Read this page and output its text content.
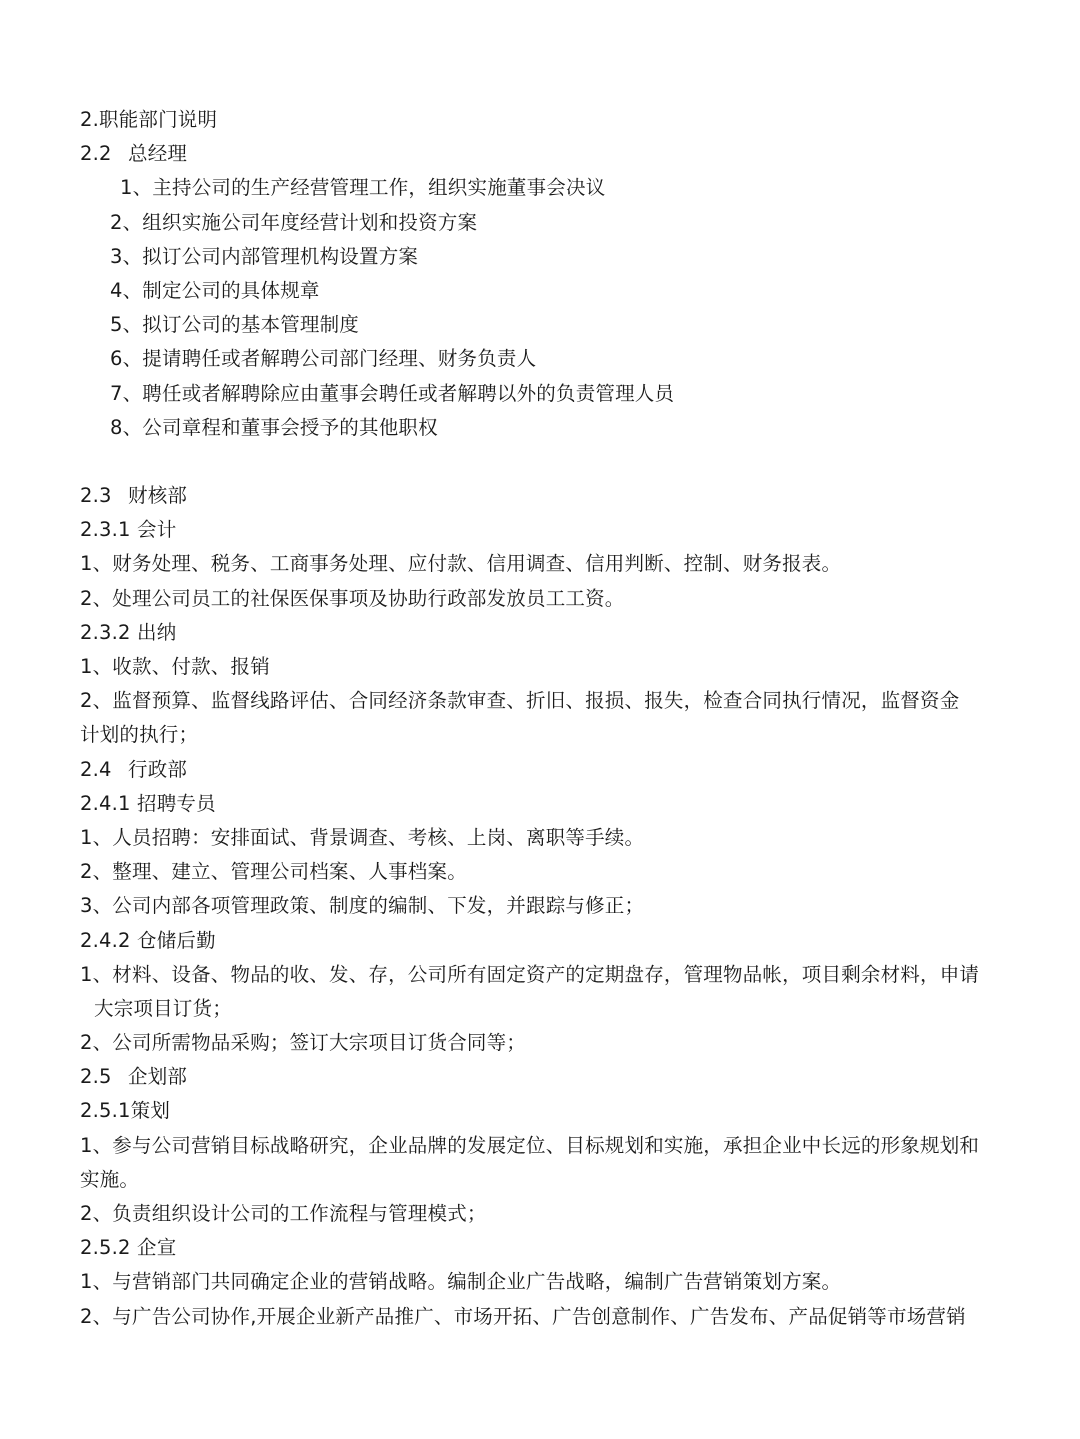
2.职能部门说明
2.2 总经理
1、主持公司的生产经营管理工作，组织实施董事会决议
2、组织实施公司年度经营计划和投资方案
3、拟订公司内部管理机构设置方案
4、制定公司的具体规章
5、拟订公司的基本管理制度
6、提请聘任或者解聘公司部门经理、财务负责人
7、聘任或者解聘除应由董事会聘任或者解聘以外的负责管理人员
8、公司章程和董事会授予的其他职权
2.3 财核部
2.3.1 会计
1、财务处理、税务、工商事务处理、应付款、信用调查、信用判断、控制、财务报表。
2、处理公司员工的社保医保事项及协助行政部发放员工工资。
2.3.2 出纳
1、收款、付款、报销
2、监督预算、监督线路评估、合同经济条款审查、折旧、报损、报失，检查合同执行情况，监督资金
计划的执行；
2.4 行政部
2.4.1 招聘专员
1、人员招聘：安排面试、背景调查、考核、上岗、离职等手续。
2、整理、建立、管理公司档案、人事档案。
3、公司内部各项管理政策、制度的编制、下发，并跟踪与修正；
2.4.2 仓储后勤
1、材料、设备、物品的收、发、存，公司所有固定资产的定期盘存，管理物品帐，项目剩余材料，申请
大宗项目订货；
2、公司所需物品采购；签订大宗项目订货合同等；
2.5 企划部
2.5.1策划
1、参与公司营销目标战略研究，企业品牌的发展定位、目标规划和实施，承担企业中长远的形象规划和
实施。
2、负责组织设计公司的工作流程与管理模式；
2.5.2 企宣
1、与营销部门共同确定企业的营销战略。编制企业广告战略，编制广告营销策划方案。
2、与广告公司协作,开展企业新产品推广、市场开拓、广告创意制作、广告发布、产品促销等市场营销
